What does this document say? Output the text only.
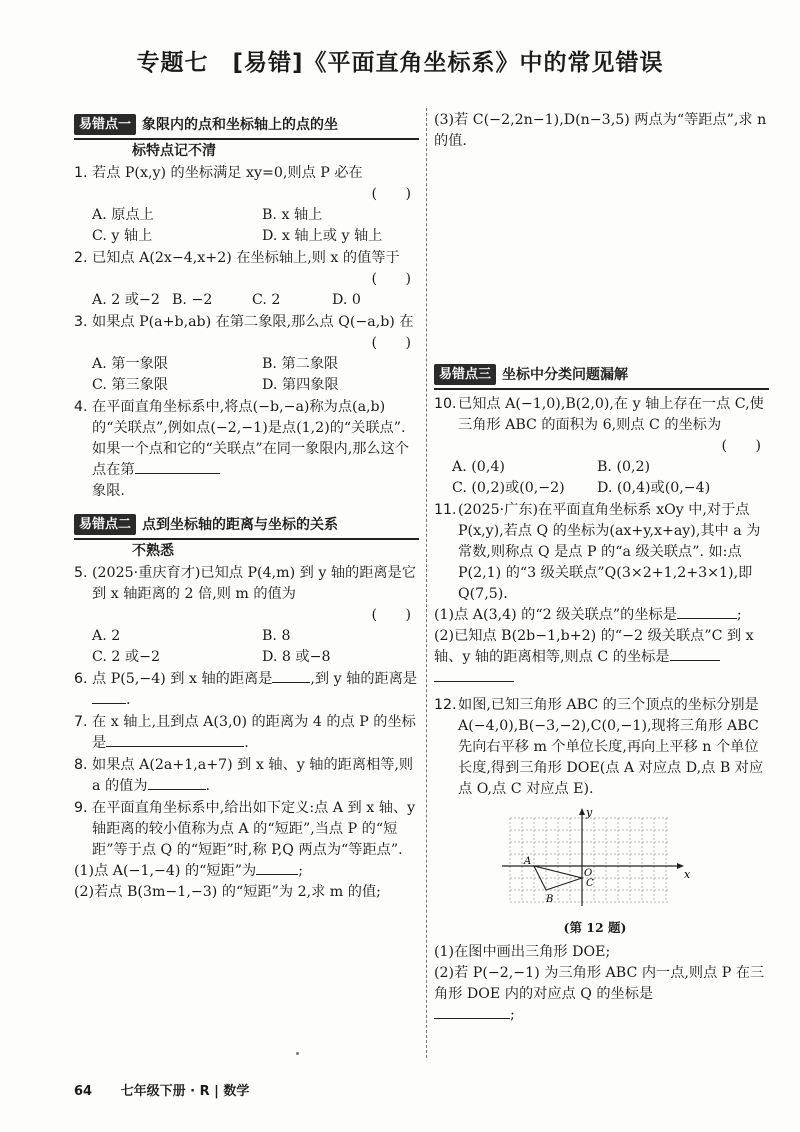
专题七　[易错]《平面直角坐标系》中的常见错误
易错点一 象限内的点和坐标轴上的点的坐
标特点记不清
1. 若点 P(x,y) 的坐标满足 xy=0,则点 P 必在
(　　)
A. 原点上	B. x 轴上
C. y 轴上	D. x 轴上或 y 轴上
2. 已知点 A(2x−4,x+2) 在坐标轴上,则 x 的值等于
(　　)
A. 2 或−2 B. −2	C. 2	D. 0
3. 如果点 P(a+b,ab) 在第二象限,那么点 Q(−a,b) 在
(　　)
A. 第一象限	B. 第二象限
C. 第三象限	D. 第四象限
4. 在平面直角坐标系中,将点(−b,−a)称为点(a,b)的“关联点”,例如点(−2,−1)是点(1,2)的“关联点”. 如果一个点和它的“关联点”在同一象限内,那么这个点在第
象限.
易错点二 点到坐标轴的距离与坐标的关系
不熟悉
5. (2025·重庆育才)已知点 P(4,m) 到 y 轴的距离是它到 x 轴距离的 2 倍,则 m 的值为
(　　)
A. 2	B. 8
C. 2 或−2	D. 8 或−8
6. 点 P(5,−4) 到 x 轴的距离是	,到 y 轴的距离是.
7. 在 x 轴上,且到点 A(3,0) 的距离为 4 的点 P 的坐标是	.
8. 如果点 A(2a+1,a+7) 到 x 轴、y 轴的距离相等,则 a 的值为	.
9. 在平面直角坐标系中,给出如下定义:点 A 到 x 轴、y 轴距离的较小值称为点 A 的“短距”,当点 P 的“短距”等于点 Q 的“短距”时,称 P,Q 两点为“等距点”.
(1)点 A(−1,−4) 的“短距”为	;
(2)若点 B(3m−1,−3) 的“短距”为 2,求 m 的值;
(3)若 C(−2,2n−1),D(n−3,5) 两点为“等距点”,求 n 的值.
易错点三 坐标中分类问题漏解
10. 已知点 A(−1,0),B(2,0),在 y 轴上存在一点 C,使三角形 ABC 的面积为 6,则点 C 的坐标为
(　　)
A. (0,4)	B. (0,2)
C. (0,2)或(0,−2)	D. (0,4)或(0,−4)
11. (2025·广东)在平面直角坐标系 xOy 中,对于点 P(x,y),若点 Q 的坐标为(ax+y,x+ay),其中 a 为常数,则称点 Q 是点 P 的“a 级关联点”. 如:点 P(2,1) 的“3 级关联点”Q(3×2+1,2+3×1),即 Q(7,5).
(1)点 A(3,4) 的“2 级关联点”的坐标是	;
(2)已知点 B(2b−1,b+2) 的“−2 级关联点”C 到 x 轴、y 轴的距离相等,则点 C 的坐标是

12. 如图,已知三角形 ABC 的三个顶点的坐标分别是 A(−4,0),B(−3,−2),C(0,−1),现将三角形 ABC 先向右平移 m 个单位长度,再向上平移 n 个单位长度,得到三角形 DOE(点 A 对应点 D,点 B 对应点 O,点 C 对应点 E).
x
y
O
A
B
C
(第 12 题)
(1)在图中画出三角形 DOE;
(2)若 P(−2,−1) 为三角形 ABC 内一点,则点 P 在三角形 DOE 内的对应点 Q 的坐标是
;
64 七年级下册 · R | 数学
